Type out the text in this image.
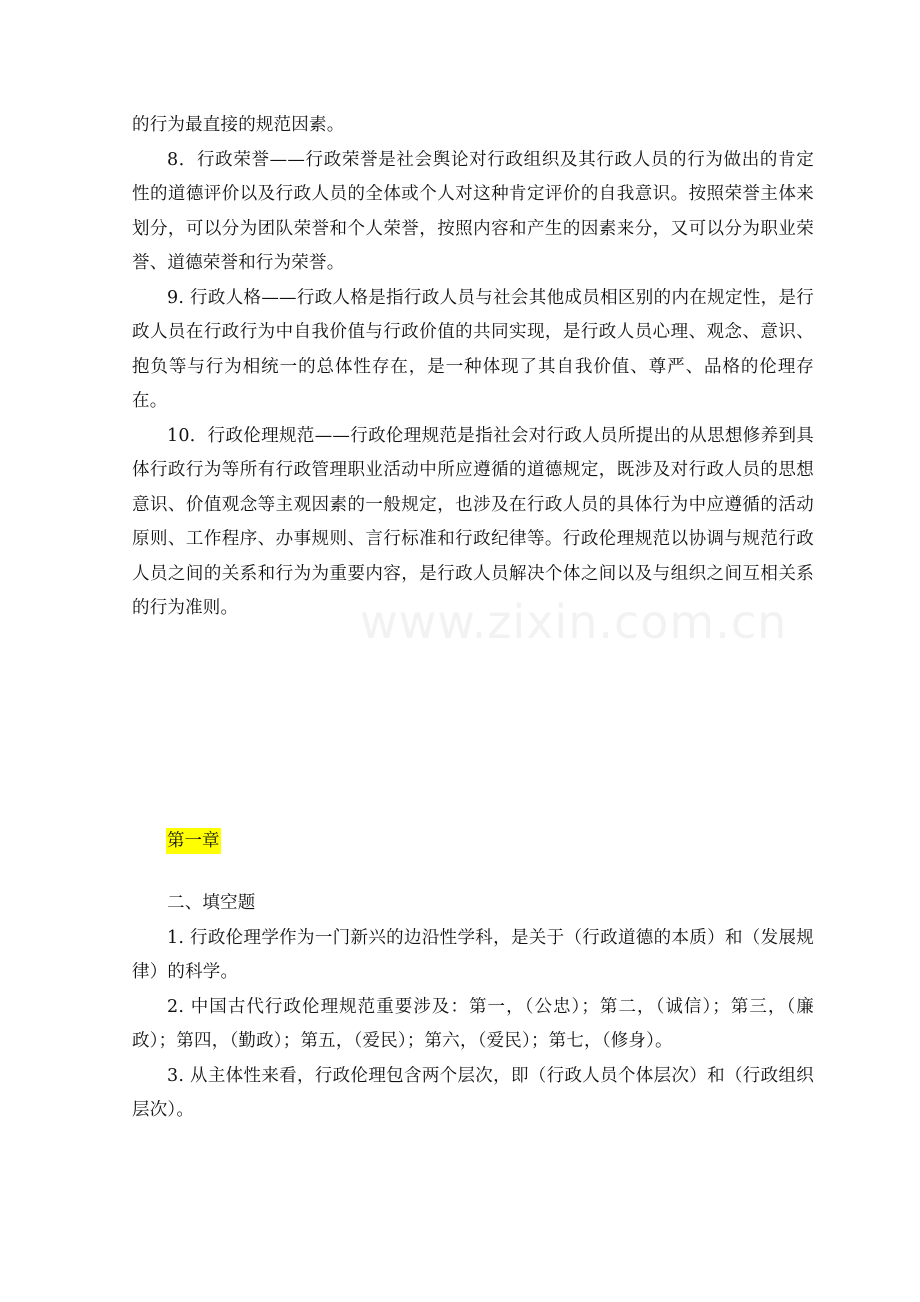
www.zixin.com.cn

的行为最直接的规范因素。

8．行政荣誉——行政荣誉是社会舆论对行政组织及其行政人员的行为做出的肯定性的道德评价以及行政人员的全体或个人对这种肯定评价的自我意识。按照荣誉主体来划分，可以分为团队荣誉和个人荣誉，按照内容和产生的因素来分，又可以分为职业荣誉、道德荣誉和行为荣誉。

9. 行政人格——行政人格是指行政人员与社会其他成员相区别的内在规定性，是行政人员在行政行为中自我价值与行政价值的共同实现，是行政人员心理、观念、意识、抱负等与行为相统一的总体性存在，是一种体现了其自我价值、尊严、品格的伦理存在。

10．行政伦理规范——行政伦理规范是指社会对行政人员所提出的从思想修养到具体行政行为等所有行政管理职业活动中所应遵循的道德规定，既涉及对行政人员的思想意识、价值观念等主观因素的一般规定，也涉及在行政人员的具体行为中应遵循的活动原则、工作程序、办事规则、言行标准和行政纪律等。行政伦理规范以协调与规范行政人员之间的关系和行为为重要内容，是行政人员解决个体之间以及与组织之间互相关系的行为准则。

第一章

二、填空题

1. 行政伦理学作为一门新兴的边沿性学科，是关于（行政道德的本质）和（发展规律）的科学。

2. 中国古代行政伦理规范重要涉及：第一，（公忠）；第二，（诚信）；第三，（廉政）；第四，（勤政）；第五，（爱民）；第六，（爱民）；第七，（修身）。

3. 从主体性来看，行政伦理包含两个层次，即（行政人员个体层次）和（行政组织层次）。
